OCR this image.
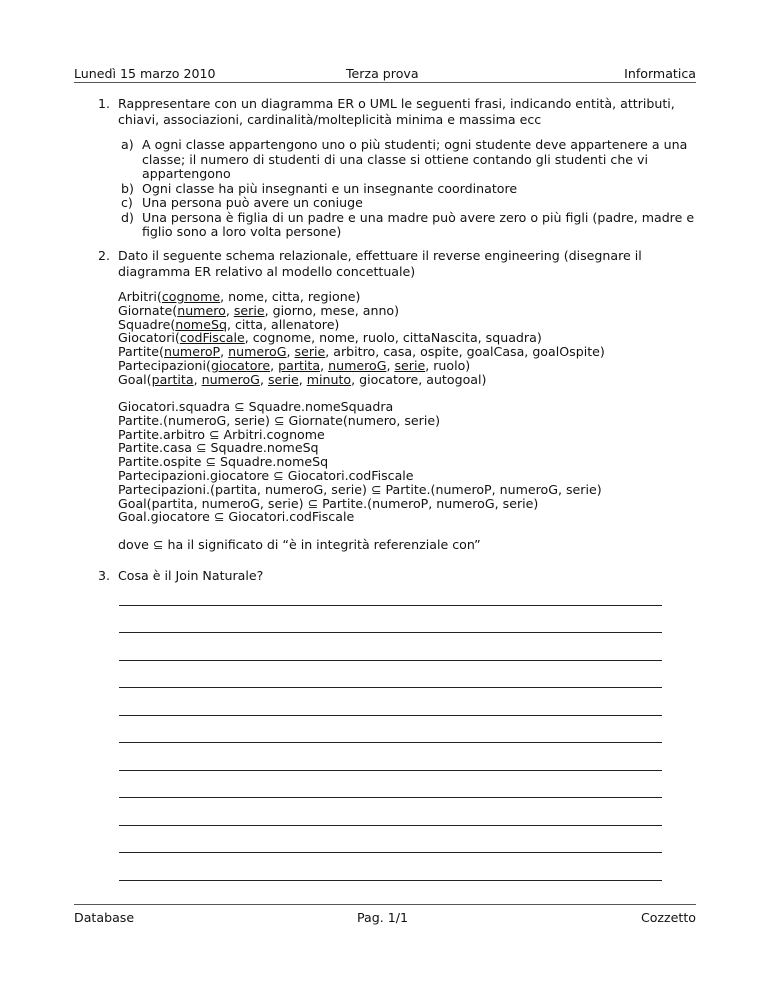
Lunedì 15 marzo 2010	Terza prova	Informatica
1. Rappresentare con un diagramma ER o UML le seguenti frasi, indicando entità, attributi, chiavi, associazioni, cardinalità/molteplicità minima e massima ecc
a) A ogni classe appartengono uno o più studenti; ogni studente deve appartenere a una classe; il numero di studenti di una classe si ottiene contando gli studenti che vi appartengono
b) Ogni classe ha più insegnanti e un insegnante coordinatore
c) Una persona può avere un coniuge
d) Una persona è figlia di un padre e una madre può avere zero o più figli (padre, madre e figlio sono a loro volta persone)
2. Dato il seguente schema relazionale, effettuare il reverse engineering (disegnare il diagramma ER relativo al modello concettuale)
Arbitri(cognome, nome, citta, regione)
Giornate(numero, serie, giorno, mese, anno)
Squadre(nomeSq, citta, allenatore)
Giocatori(codFiscale, cognome, nome, ruolo, cittaNascita, squadra)
Partite(numeroP, numeroG, serie, arbitro, casa, ospite, goalCasa, goalOspite)
Partecipazioni(giocatore, partita, numeroG, serie, ruolo)
Goal(partita, numeroG, serie, minuto, giocatore, autogoal)
Giocatori.squadra ⊆ Squadre.nomeSquadra
Partite.(numeroG, serie) ⊆ Giornate(numero, serie)
Partite.arbitro ⊆ Arbitri.cognome
Partite.casa ⊆ Squadre.nomeSq
Partite.ospite ⊆ Squadre.nomeSq
Partecipazioni.giocatore ⊆ Giocatori.codFiscale
Partecipazioni.(partita, numeroG, serie) ⊆ Partite.(numeroP, numeroG, serie)
Goal(partita, numeroG, serie) ⊆ Partite.(numeroP, numeroG, serie)
Goal.giocatore ⊆ Giocatori.codFiscale
dove ⊆ ha il significato di “è in integrità referenziale con”
3. Cosa è il Join Naturale?
Database	Pag. 1/1	Cozzetto
